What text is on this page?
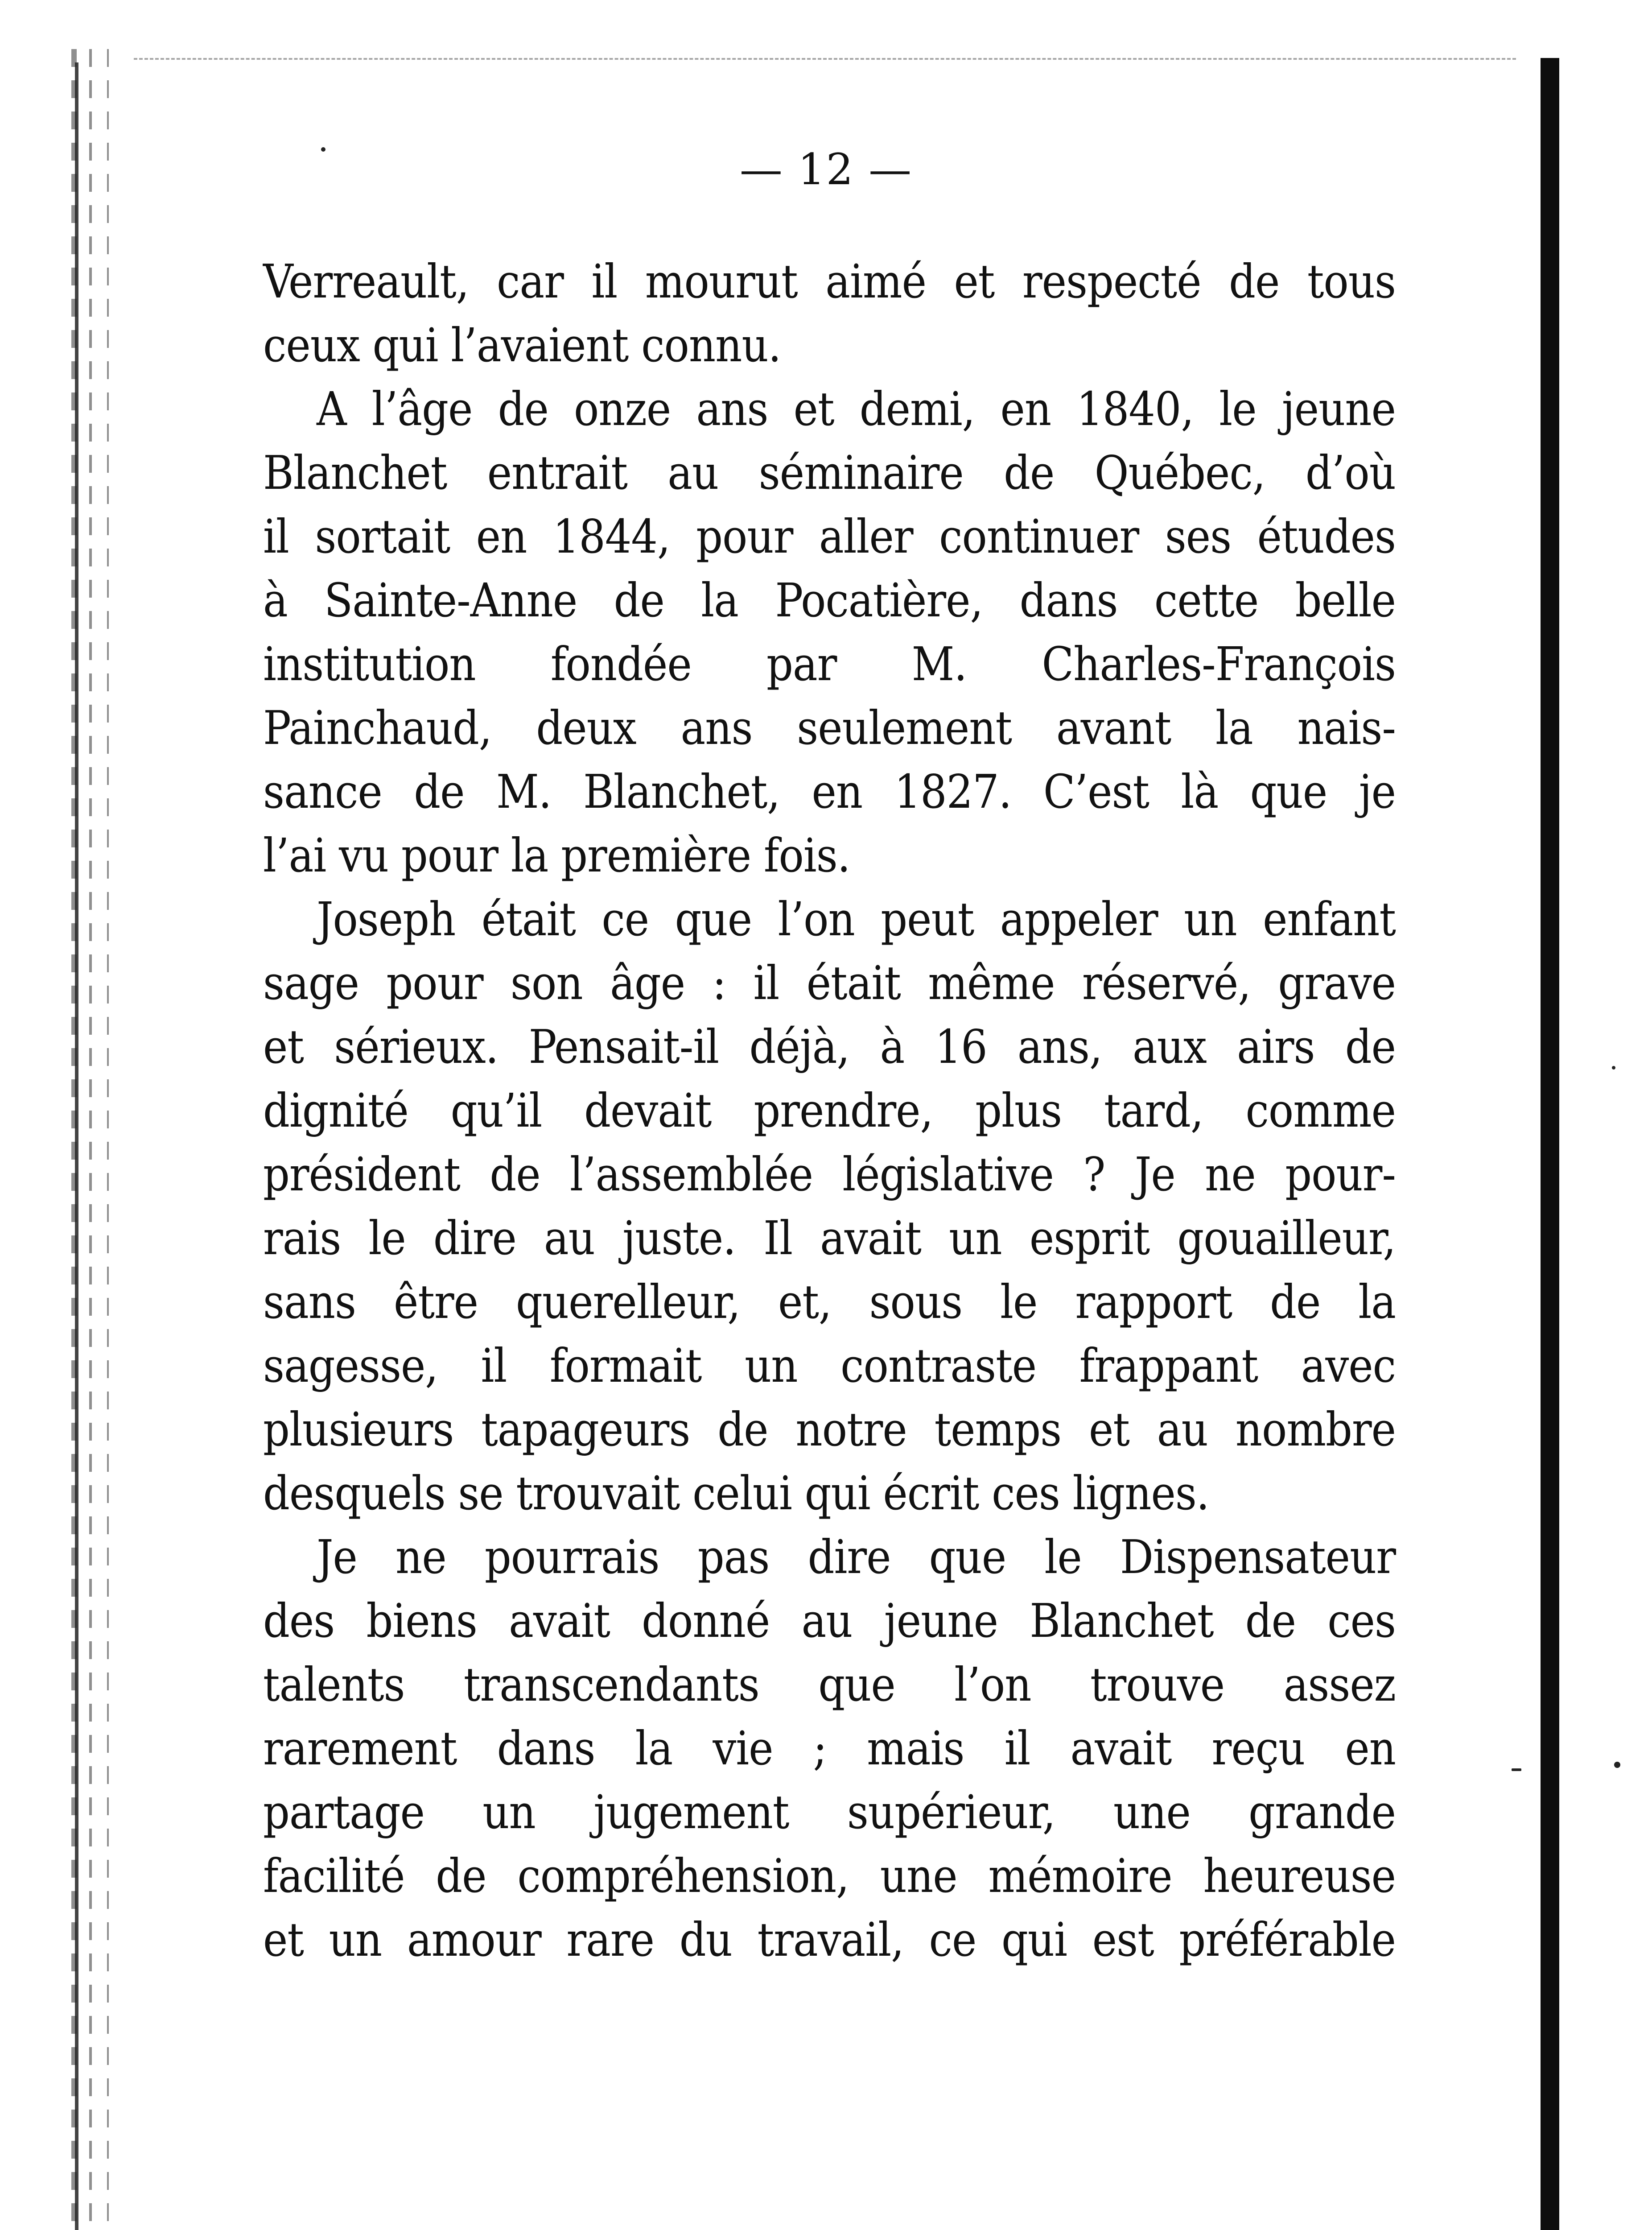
— 12 —
Verreault, car il mourut aimé et respecté de tous
ceux qui l’avaient connu.
A l’âge de onze ans et demi, en 1840, le jeune
Blanchet entrait au séminaire de Québec, d’où
il sortait en 1844, pour aller continuer ses études
à Sainte-Anne de la Pocatière, dans cette belle
institution fondée par M. Charles-François
Painchaud, deux ans seulement avant la nais-
sance de M. Blanchet, en 1827. C’est là que je
l’ai vu pour la première fois.
Joseph était ce que l’on peut appeler un enfant
sage pour son âge : il était même réservé, grave
et sérieux. Pensait-il déjà, à 16 ans, aux airs de
dignité qu’il devait prendre, plus tard, comme
président de l’assemblée législative ? Je ne pour-
rais le dire au juste. Il avait un esprit gouailleur,
sans être querelleur, et, sous le rapport de la
sagesse, il formait un contraste frappant avec
plusieurs tapageurs de notre temps et au nombre
desquels se trouvait celui qui écrit ces lignes.
Je ne pourrais pas dire que le Dispensateur
des biens avait donné au jeune Blanchet de ces
talents transcendants que l’on trouve assez
rarement dans la vie ; mais il avait reçu en
partage un jugement supérieur, une grande
facilité de compréhension, une mémoire heureuse
et un amour rare du travail, ce qui est préférable
